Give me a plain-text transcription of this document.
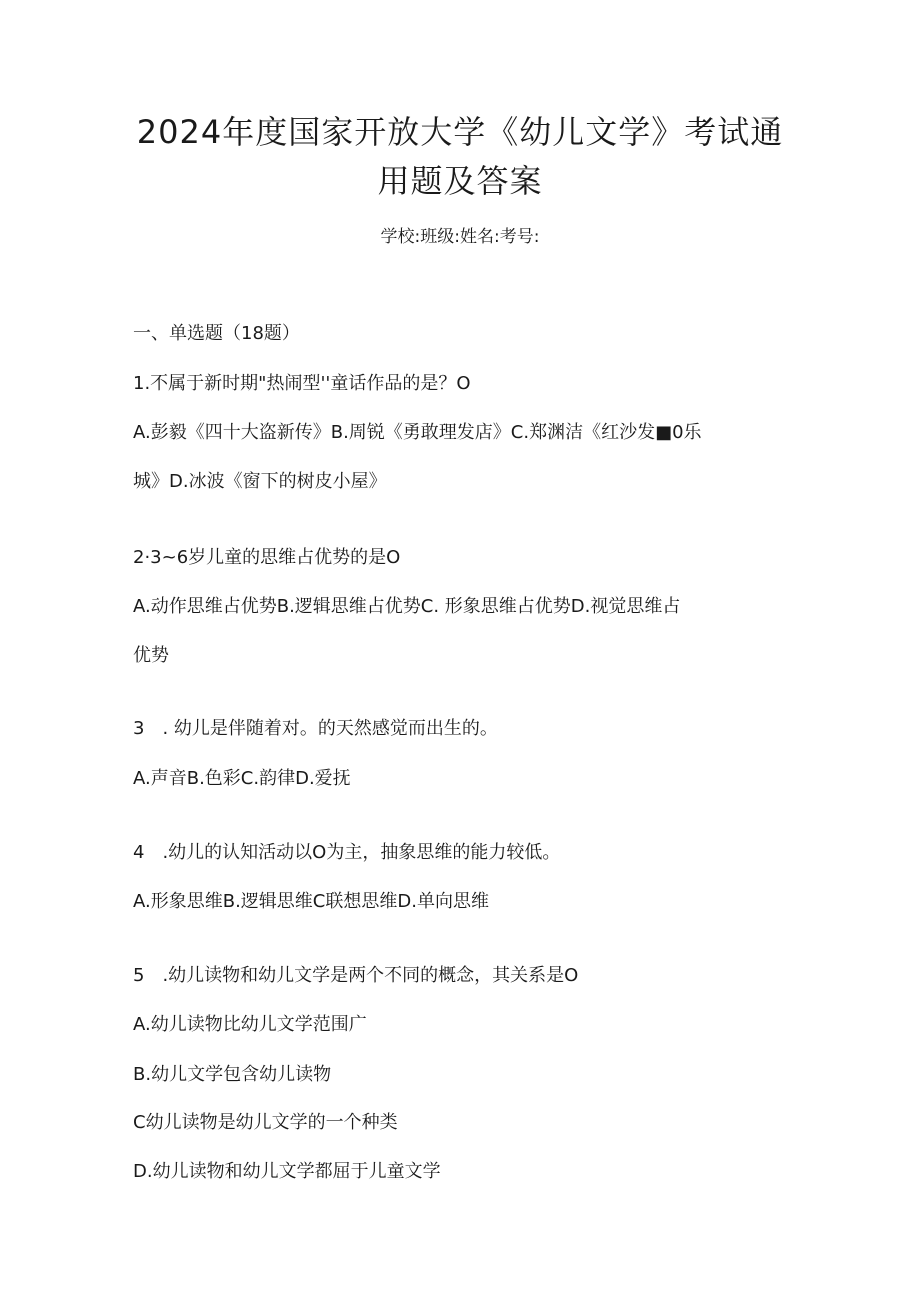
2024年度国家开放大学《幼儿文学》考试通
用题及答案
学校:班级:姓名:考号:
一、单选题（18题）
1.不属于新时期"热闹型''童话作品的是？O
A.彭毅《四十大盗新传》B.周锐《勇敢理发店》C.郑渊洁《红沙发■0乐
城》D.冰波《窗下的树皮小屋》
2·3~6岁儿童的思维占优势的是O
A.动作思维占优势B.逻辑思维占优势C. 形象思维占优势D.视觉思维占
优势
3　. 幼儿是伴随着对。的天然感觉而出生的。
A.声音B.色彩C.韵律D.爱抚
4　.幼儿的认知活动以O为主，抽象思维的能力较低。
A.形象思维B.逻辑思维C联想思维D.单向思维
5　.幼儿读物和幼儿文学是两个不同的概念，其关系是O
A.幼儿读物比幼儿文学范围广
B.幼儿文学包含幼儿读物
C幼儿读物是幼儿文学的一个种类
D.幼儿读物和幼儿文学都屈于儿童文学
